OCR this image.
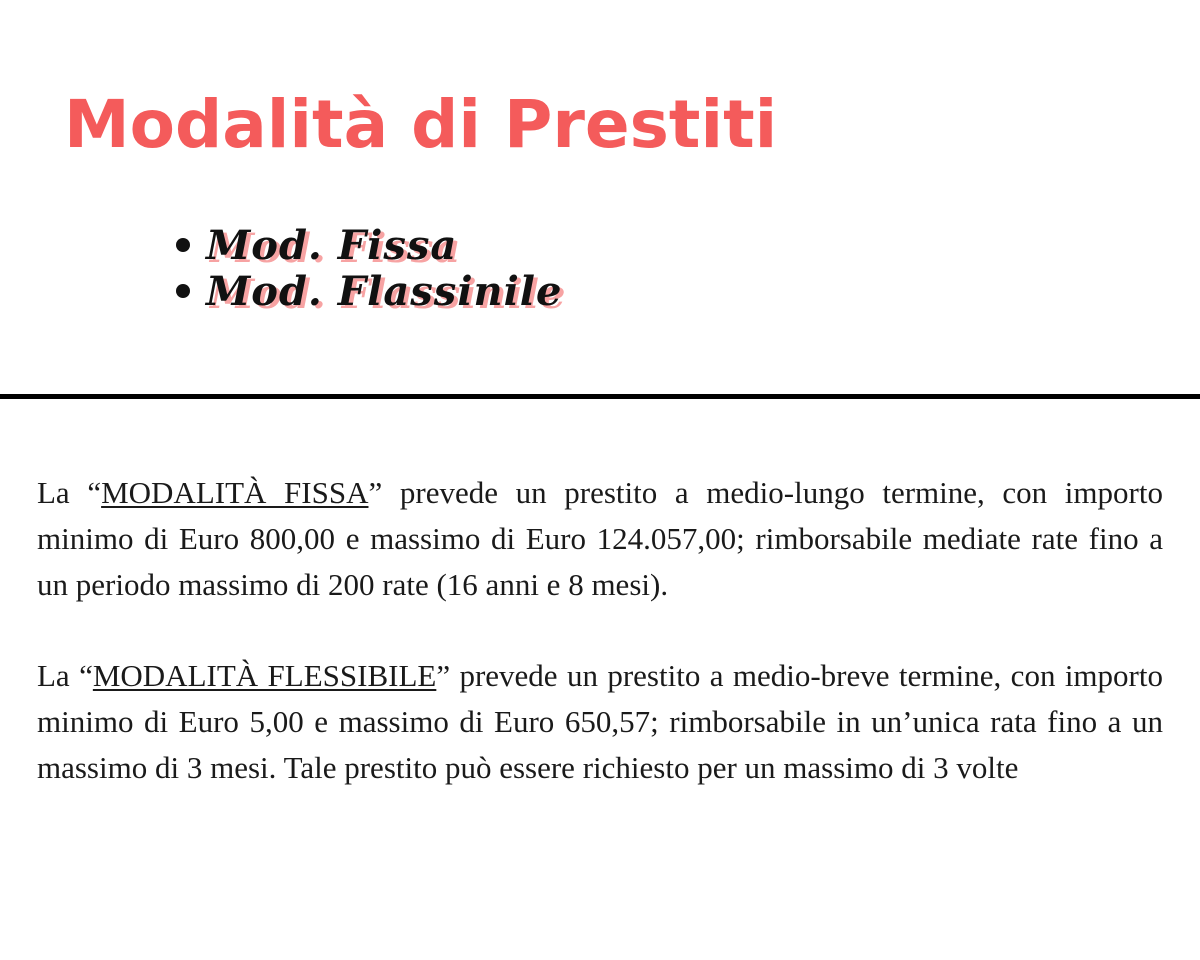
Modalità di Prestiti
Mod. Fissa
Mod. Flassinile

La “MODALITÀ FISSA” prevede un prestito a medio-lungo termine, con importo minimo di Euro 800,00 e massimo di Euro 124.057,00; rimborsabile mediate rate fino a un periodo massimo di 200 rate (16 anni e 8 mesi).

La “MODALITÀ FLESSIBILE” prevede un prestito a medio-breve termine, con importo minimo di Euro 5,00 e massimo di Euro 650,57; rimborsabile in un’unica rata fino a un massimo di 3 mesi. Tale prestito può essere richiesto per un massimo di 3 volte
